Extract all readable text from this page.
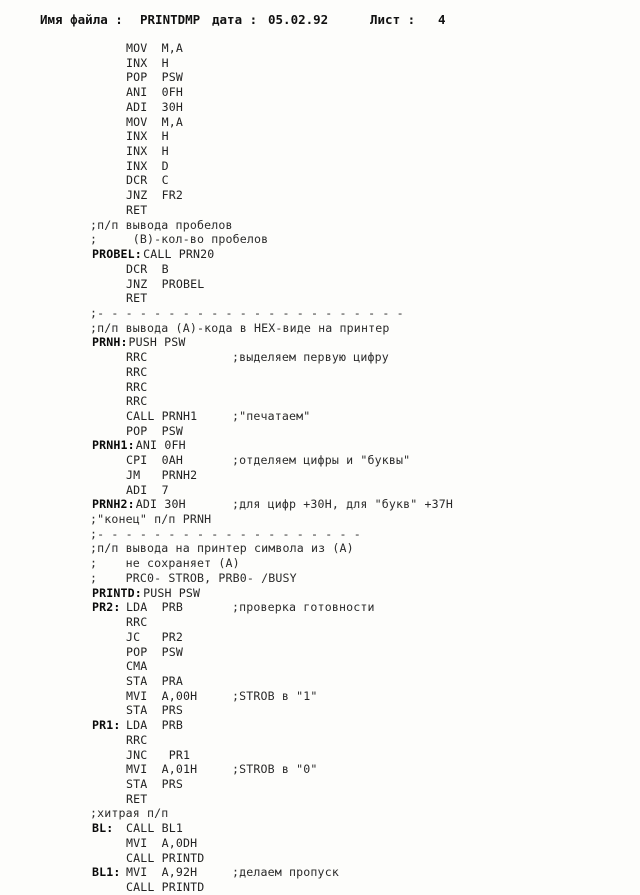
Имя файла :

PRINTDMP

дата :

05.02.92

	Лист :

4

MOV  M,A
INX  H
POP  PSW
ANI  0FH
ADI  30H
MOV  M,A
INX  H
INX  H
INX  D
DCR  C
JNZ  FR2
RET
;п/п вывода пробелов
;     (B)-кол-во пробелов
PROBEL: CALL PRN20
DCR  B
JNZ  PROBEL
RET
;- - - - - - - - - - - - - - - - - - - - - -
;п/п вывода (A)-кода в HEX-виде на принтер
PRNH: PUSH PSW
RRC	;выделяем первую цифру
RRC
RRC
RRC
CALL PRNH1	;"печатаем"
POP  PSW
PRNH1: ANI 0FH
CPI  0AH	;отделяем цифры и "буквы"
JM   PRNH2
ADI  7
PRNH2: ADI 30H	;для цифр +30H, для "букв" +37H
;"конец" п/п PRNH
;- - - - - - - - - - - - - - - - - - -
;п/п вывода на принтер символа из (A)
;    не сохраняет (A)
;    PRC0- STROB, PRB0- /BUSY
PRINTD: PUSH PSW
PR2: LDA  PRB	;проверка готовности
RRC
JC   PR2
POP  PSW
CMA
STA  PRA
MVI  A,00H	;STROB в "1"
STA  PRS
PR1: LDA  PRB
RRC
JNC   PR1
MVI  A,01H	;STROB в "0"
STA  PRS
RET
;хитрая п/п
BL: CALL BL1
MVI  A,0DH
CALL PRINTD
BL1: MVI  A,92H	;делаем пропуск
CALL PRINTD
